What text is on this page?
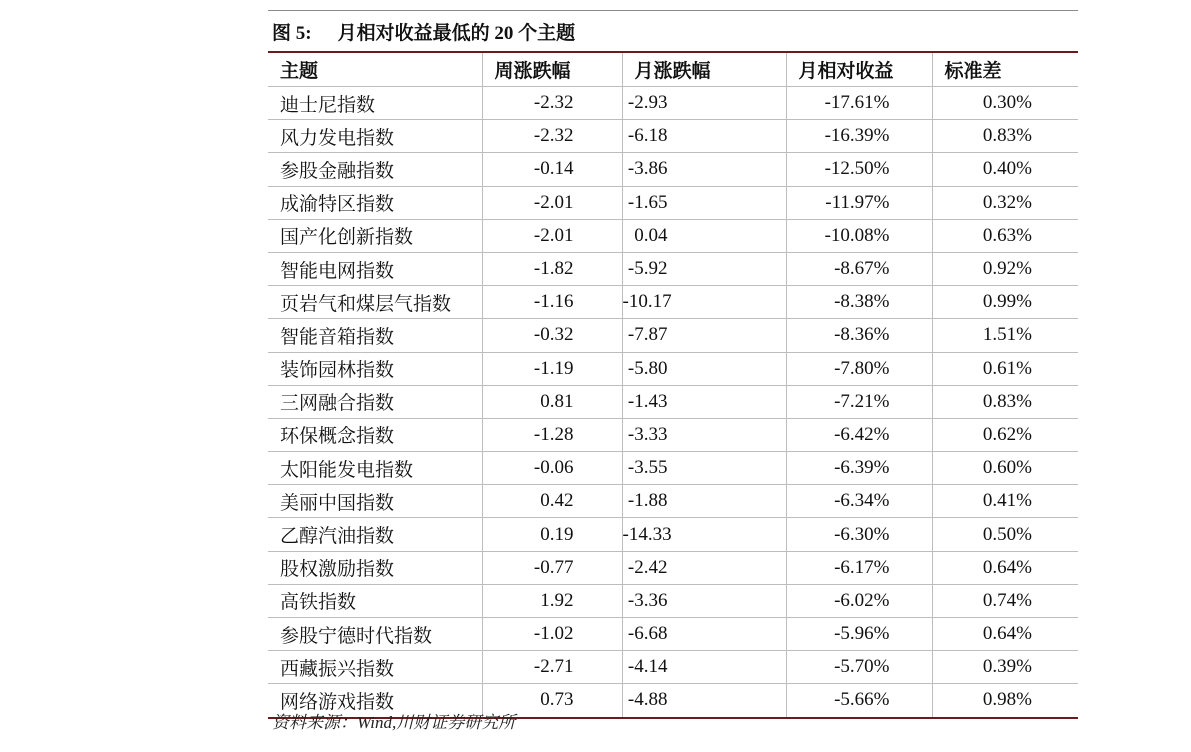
图 5: 月相对收益最低的 20 个主题
主题	周涨跌幅	月涨跌幅	月相对收益	标准差
迪士尼指数	-2.32	-2.93	-17.61%	0.30%
风力发电指数	-2.32	-6.18	-16.39%	0.83%
参股金融指数	-0.14	-3.86	-12.50%	0.40%
成渝特区指数	-2.01	-1.65	-11.97%	0.32%
国产化创新指数	-2.01	0.04	-10.08%	0.63%
智能电网指数	-1.82	-5.92	-8.67%	0.92%
页岩气和煤层气指数	-1.16	-10.17	-8.38%	0.99%
智能音箱指数	-0.32	-7.87	-8.36%	1.51%
装饰园林指数	-1.19	-5.80	-7.80%	0.61%
三网融合指数	0.81	-1.43	-7.21%	0.83%
环保概念指数	-1.28	-3.33	-6.42%	0.62%
太阳能发电指数	-0.06	-3.55	-6.39%	0.60%
美丽中国指数	0.42	-1.88	-6.34%	0.41%
乙醇汽油指数	0.19	-14.33	-6.30%	0.50%
股权激励指数	-0.77	-2.42	-6.17%	0.64%
高铁指数	1.92	-3.36	-6.02%	0.74%
参股宁德时代指数	-1.02	-6.68	-5.96%	0.64%
西藏振兴指数	-2.71	-4.14	-5.70%	0.39%
网络游戏指数	0.73	-4.88	-5.66%	0.98%
资料来源：Wind,川财证券研究所
